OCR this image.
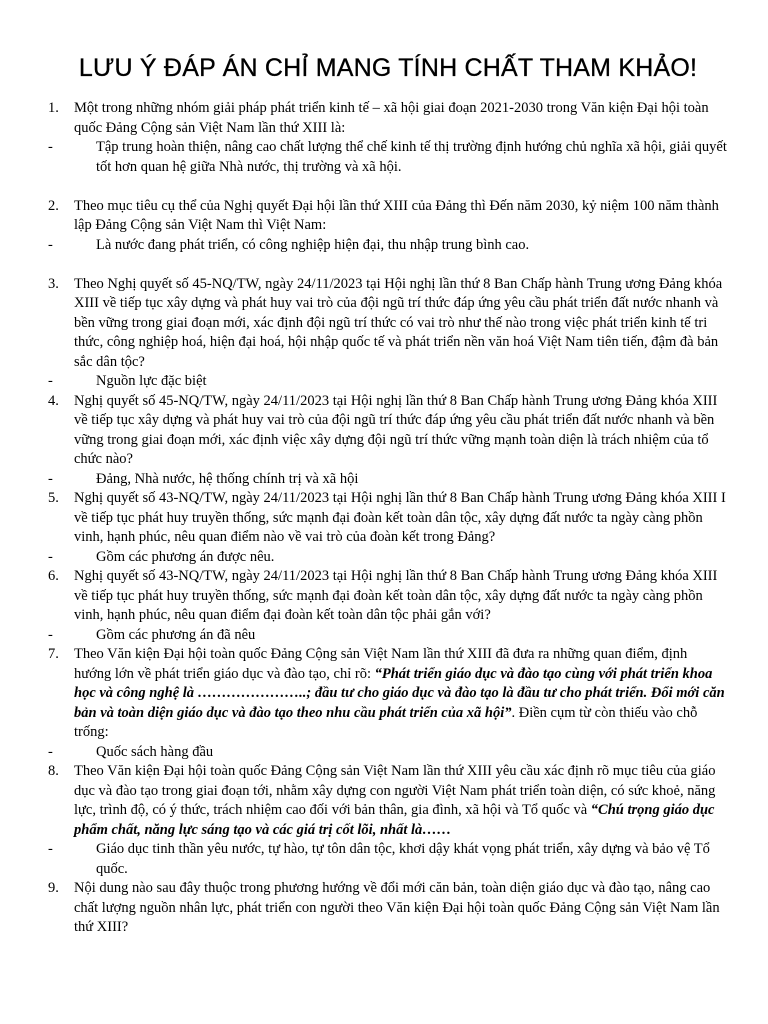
LƯU Ý ĐÁP ÁN CHỈ MANG TÍNH CHẤT THAM KHẢO!
1. Một trong những nhóm giải pháp phát triển kinh tế – xã hội giai đoạn 2021-2030 trong Văn kiện Đại hội toàn quốc Đảng Cộng sản Việt Nam lần thứ XIII là:
-	Tập trung hoàn thiện, nâng cao chất lượng thể chế kinh tế thị trường định hướng chủ nghĩa xã hội, giải quyết tốt hơn quan hệ giữa Nhà nước, thị trường và xã hội.
2. Theo mục tiêu cụ thể của Nghị quyết Đại hội lần thứ XIII của Đảng thì Đến năm 2030, kỷ niệm 100 năm thành lập Đảng Cộng sản Việt Nam thì Việt Nam:
-	Là nước đang phát triển, có công nghiệp hiện đại, thu nhập trung bình cao.
3. Theo Nghị quyết số 45-NQ/TW, ngày 24/11/2023 tại Hội nghị lần thứ 8 Ban Chấp hành Trung ương Đảng khóa XIII về tiếp tục xây dựng và phát huy vai trò của đội ngũ trí thức đáp ứng yêu cầu phát triển đất nước nhanh và bền vững trong giai đoạn mới, xác định đội ngũ trí thức có vai trò như thế nào trong việc phát triển kinh tế tri thức, công nghiệp hoá, hiện đại hoá, hội nhập quốc tế và phát triển nền văn hoá Việt Nam tiên tiến, đậm đà bản sắc dân tộc?
-	Nguồn lực đặc biệt
4. Nghị quyết số 45-NQ/TW, ngày 24/11/2023 tại Hội nghị lần thứ 8 Ban Chấp hành Trung ương Đảng khóa XIII về tiếp tục xây dựng và phát huy vai trò của đội ngũ trí thức đáp ứng yêu cầu phát triển đất nước nhanh và bền vững trong giai đoạn mới, xác định việc xây dựng đội ngũ trí thức vững mạnh toàn diện là trách nhiệm của tổ chức nào?
-	Đảng, Nhà nước, hệ thống chính trị và xã hội
5. Nghị quyết số 43-NQ/TW, ngày 24/11/2023 tại Hội nghị lần thứ 8 Ban Chấp hành Trung ương Đảng khóa XIII I về tiếp tục phát huy truyền thống, sức mạnh đại đoàn kết toàn dân tộc, xây dựng đất nước ta ngày càng phồn vinh, hạnh phúc, nêu quan điểm nào về vai trò của đoàn kết trong Đảng?
-	Gồm các phương án được nêu.
6. Nghị quyết số 43-NQ/TW, ngày 24/11/2023 tại Hội nghị lần thứ 8 Ban Chấp hành Trung ương Đảng khóa XIII về tiếp tục phát huy truyền thống, sức mạnh đại đoàn kết toàn dân tộc, xây dựng đất nước ta ngày càng phồn vinh, hạnh phúc, nêu quan điểm đại đoàn kết toàn dân tộc phải gắn với?
-	Gồm các phương án đã nêu
7. Theo Văn kiện Đại hội toàn quốc Đảng Cộng sản Việt Nam lần thứ XIII đã đưa ra những quan điểm, định hướng lớn về phát triển giáo dục và đào tạo, chỉ rõ: “Phát triển giáo dục và đào tạo cùng với phát triển khoa học và công nghệ là …………………..; đầu tư cho giáo dục và đào tạo là đầu tư cho phát triển. Đổi mới căn bản và toàn diện giáo dục và đào tạo theo nhu cầu phát triển của xã hội”. Điền cụm từ còn thiếu vào chỗ trống:
-	Quốc sách hàng đầu
8. Theo Văn kiện Đại hội toàn quốc Đảng Cộng sản Việt Nam lần thứ XIII yêu cầu xác định rõ mục tiêu của giáo dục và đào tạo trong giai đoạn tới, nhằm xây dựng con người Việt Nam phát triển toàn diện, có sức khoẻ, năng lực, trình độ, có ý thức, trách nhiệm cao đối với bản thân, gia đình, xã hội và Tổ quốc và “Chú trọng giáo dục phẩm chất, năng lực sáng tạo và các giá trị cốt lõi, nhất là……
-	Giáo dục tinh thần yêu nước, tự hào, tự tôn dân tộc, khơi dậy khát vọng phát triển, xây dựng và bảo vệ Tổ quốc.
9. Nội dung nào sau đây thuộc trong phương hướng về đổi mới căn bản, toàn diện giáo dục và đào tạo, nâng cao chất lượng nguồn nhân lực, phát triển con người theo Văn kiện Đại hội toàn quốc Đảng Cộng sản Việt Nam lần thứ XIII?
